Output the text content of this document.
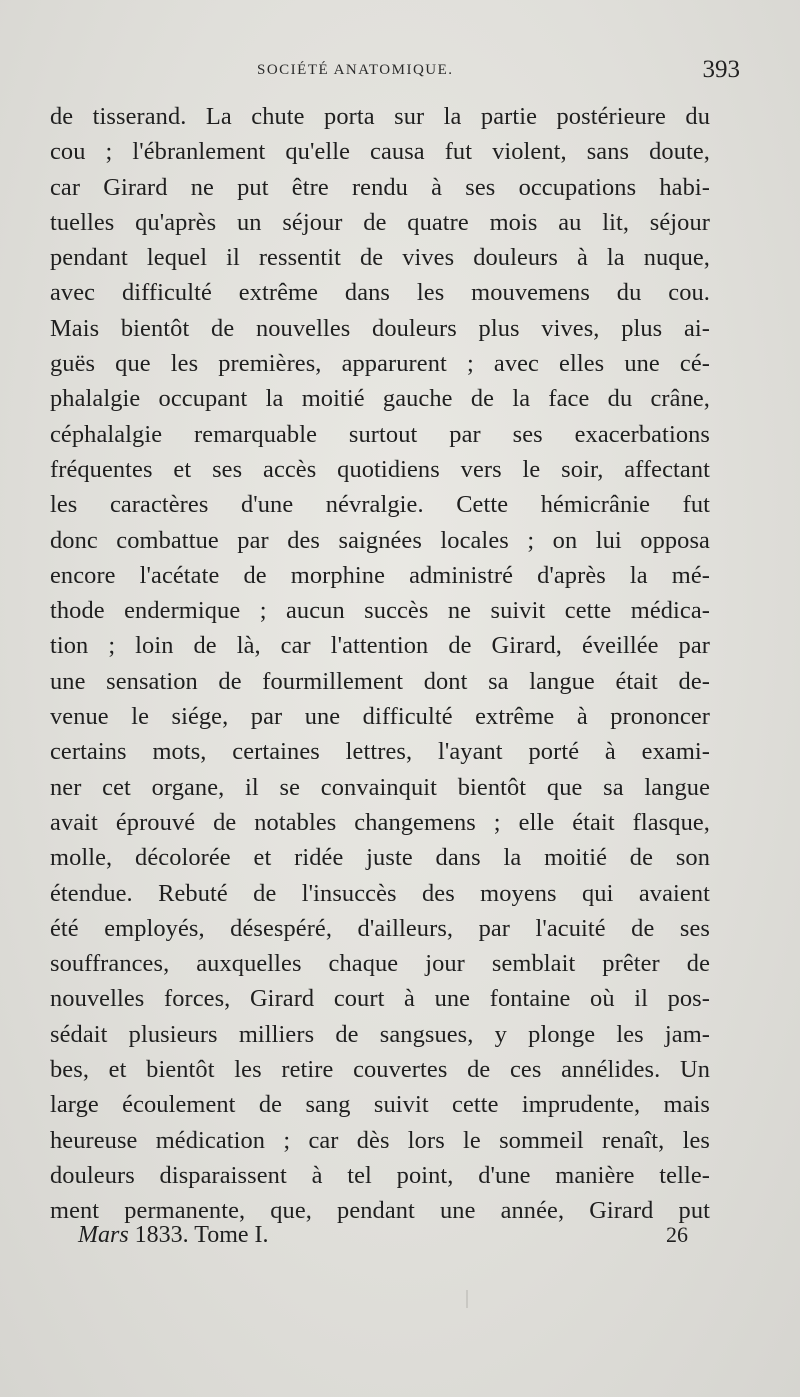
SOCIÉTÉ ANATOMIQUE.	393
de tisserand. La chute porta sur la partie postérieure du
cou ; l'ébranlement qu'elle causa fut violent, sans doute,
car Girard ne put être rendu à ses occupations habi-
tuelles qu'après un séjour de quatre mois au lit, séjour
pendant lequel il ressentit de vives douleurs à la nuque,
avec difficulté extrême dans les mouvemens du cou.
Mais bientôt de nouvelles douleurs plus vives, plus ai-
guës que les premières, apparurent ; avec elles une cé-
phalalgie occupant la moitié gauche de la face du crâne,
céphalalgie remarquable surtout par ses exacerbations
fréquentes et ses accès quotidiens vers le soir, affectant
les caractères d'une névralgie. Cette hémicrânie fut
donc combattue par des saignées locales ; on lui opposa
encore l'acétate de morphine administré d'après la mé-
thode endermique ; aucun succès ne suivit cette médica-
tion ; loin de là, car l'attention de Girard, éveillée par
une sensation de fourmillement dont sa langue était de-
venue le siége, par une difficulté extrême à prononcer
certains mots, certaines lettres, l'ayant porté à exami-
ner cet organe, il se convainquit bientôt que sa langue
avait éprouvé de notables changemens ; elle était flasque,
molle, décolorée et ridée juste dans la moitié de son
étendue. Rebuté de l'insuccès des moyens qui avaient
été employés, désespéré, d'ailleurs, par l'acuité de ses
souffrances, auxquelles chaque jour semblait prêter de
nouvelles forces, Girard court à une fontaine où il pos-
sédait plusieurs milliers de sangsues, y plonge les jam-
bes, et bientôt les retire couvertes de ces annélides. Un
large écoulement de sang suivit cette imprudente, mais
heureuse médication ; car dès lors le sommeil renaît, les
douleurs disparaissent à tel point, d'une manière telle-
ment permanente, que, pendant une année, Girard put
Mars 1833. Tome I.	26
